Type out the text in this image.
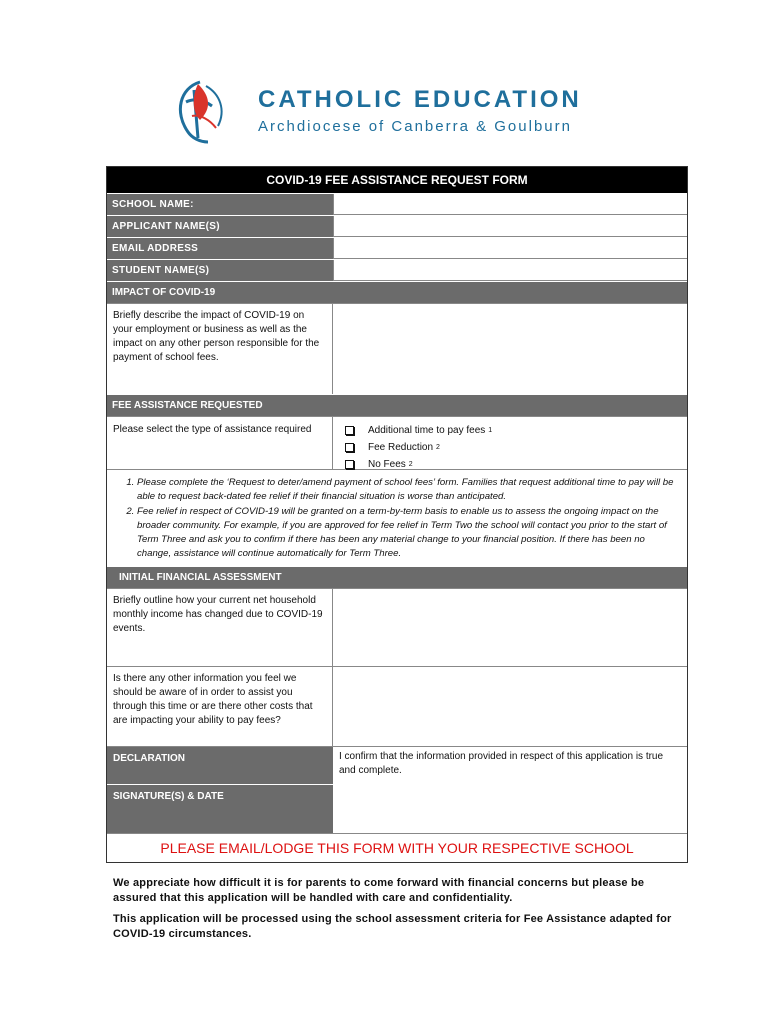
CATHOLIC EDUCATION
Archdiocese of Canberra & Goulburn
COVID-19 FEE ASSISTANCE REQUEST FORM
SCHOOL NAME:
APPLICANT NAME(S)
EMAIL ADDRESS
STUDENT NAME(S)
IMPACT OF COVID-19
Briefly describe the impact of COVID-19 on your employment or business as well as the impact on any other person responsible for the payment of school fees.
FEE ASSISTANCE REQUESTED
Please select the type of assistance required	Additional time to pay fees 1
Fee Reduction 2
No Fees 2
1. Please complete the ‘Request to deter/amend payment of school fees’ form. Families that request additional time to pay will be able to request back-dated fee relief if their financial situation is worse than anticipated.
2. Fee relief in respect of COVID-19 will be granted on a term-by-term basis to enable us to assess the ongoing impact on the broader community. For example, if you are approved for fee relief in Term Two the school will contact you prior to the start of Term Three and ask you to confirm if there has been any material change to your financial position. If there has been no change, assistance will continue automatically for Term Three.
INITIAL FINANCIAL ASSESSMENT
Briefly outline how your current net household monthly income has changed due to COVID-19 events.
Is there any other information you feel we should be aware of in order to assist you through this time or are there other costs that are impacting your ability to pay fees?
DECLARATION	I confirm that the information provided in respect of this application is true and complete.
SIGNATURE(S) & DATE
PLEASE EMAIL/LODGE THIS FORM WITH YOUR RESPECTIVE SCHOOL

We appreciate how difficult it is for parents to come forward with financial concerns but please be assured that this application will be handled with care and confidentiality.

This application will be processed using the school assessment criteria for Fee Assistance adapted for COVID-19 circumstances.
